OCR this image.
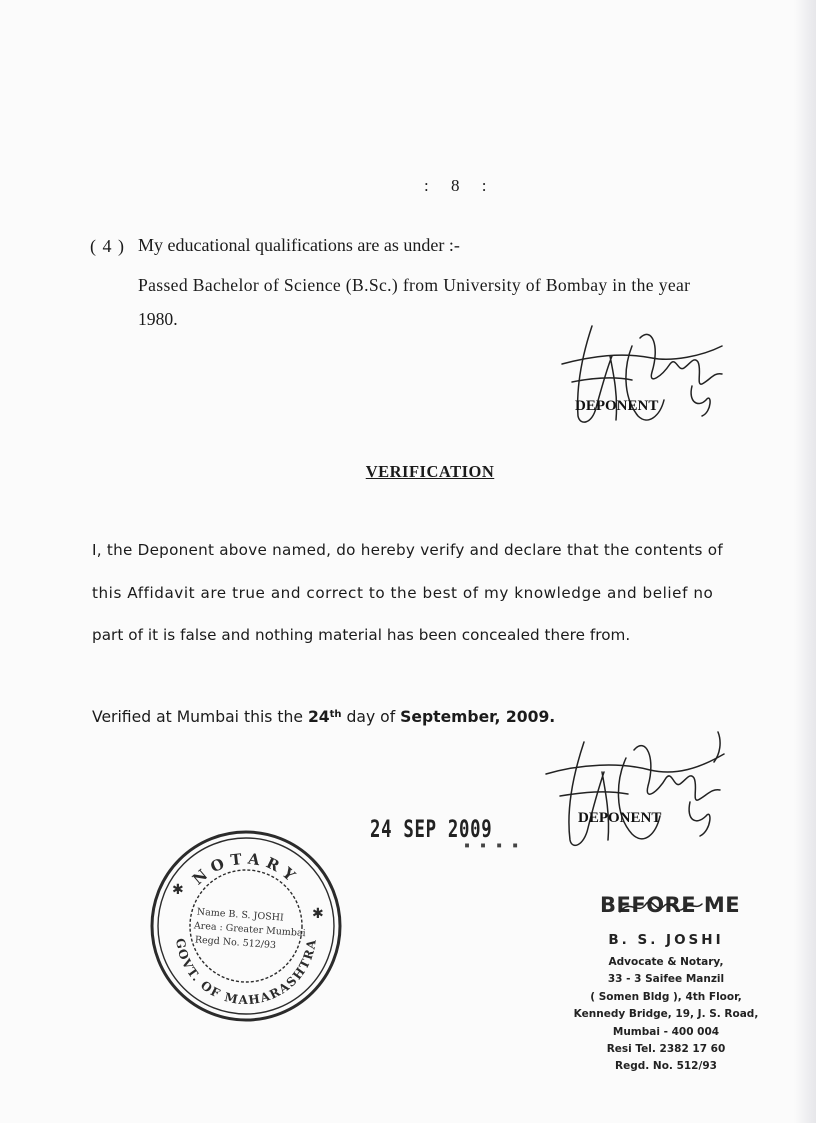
: 8 :
( 4 ) My educational qualifications are as under :-
Passed Bachelor of Science (B.Sc.) from University of Bombay in the year
1980.
DEPONENT
VERIFICATION
I, the Deponent above named, do hereby verify and declare that the contents of
this Affidavit are true and correct to the best of my knowledge and belief no
part of it is false and nothing material has been concealed there from.
Verified at Mumbai this the 24th day of September, 2009.
DEPONENT
24 SEP 2009
▪ ▪ ▪ ▪
NOTARY
GOVT. OF MAHARASHTRA
✱
✱
Name B. S. JOSHI
Area : Greater Mumbai
Regd No. 512/93
BEFORE ME
B. S. JOSHI
Advocate & Notary,
33 - 3 Saifee Manzil
( Somen Bldg ), 4th Floor,
Kennedy Bridge, 19, J. S. Road,
Mumbai - 400 004
Resi Tel. 2382 17 60
Regd. No. 512/93
